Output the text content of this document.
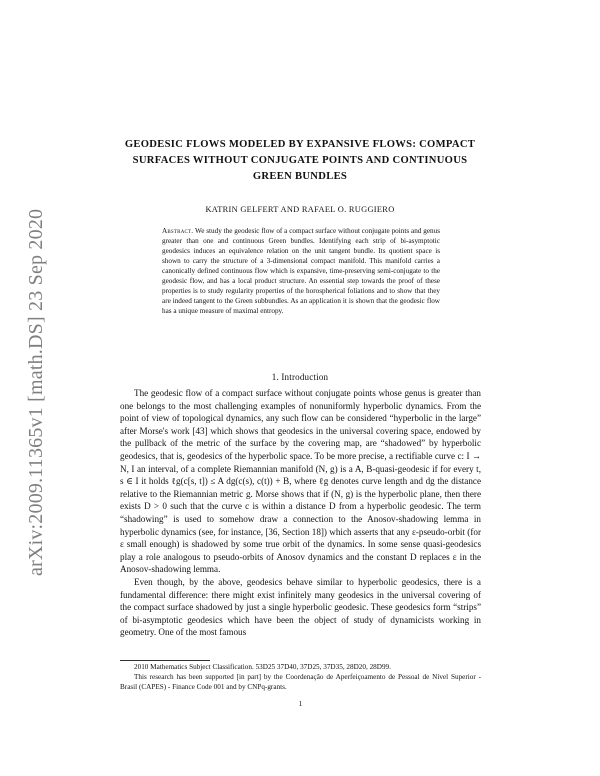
arXiv:2009.11365v1 [math.DS] 23 Sep 2020
GEODESIC FLOWS MODELED BY EXPANSIVE FLOWS: COMPACT SURFACES WITHOUT CONJUGATE POINTS AND CONTINUOUS GREEN BUNDLES
KATRIN GELFERT AND RAFAEL O. RUGGIERO
Abstract. We study the geodesic flow of a compact surface without conjugate points and genus greater than one and continuous Green bundles. Identifying each strip of bi-asymptotic geodesics induces an equivalence relation on the unit tangent bundle. Its quotient space is shown to carry the structure of a 3-dimensional compact manifold. This manifold carries a canonically defined continuous flow which is expansive, time-preserving semi-conjugate to the geodesic flow, and has a local product structure. An essential step towards the proof of these properties is to study regularity properties of the horospherical foliations and to show that they are indeed tangent to the Green subbundles. As an application it is shown that the geodesic flow has a unique measure of maximal entropy.
1. Introduction

The geodesic flow of a compact surface without conjugate points whose genus is greater than one belongs to the most challenging examples of nonuniformly hyperbolic dynamics. From the point of view of topological dynamics, any such flow can be considered “hyperbolic in the large” after Morse's work [43] which shows that geodesics in the universal covering space, endowed by the pullback of the metric of the surface by the covering map, are “shadowed” by hyperbolic geodesics, that is, geodesics of the hyperbolic space. To be more precise, a rectifiable curve c: I → N, I an interval, of a complete Riemannian manifold (N, g) is a A, B-quasi-geodesic if for every t, s ∈ I it holds ℓg(c[s, t]) ≤ A dg(c(s), c(t)) + B, where ℓg denotes curve length and dg the distance relative to the Riemannian metric g. Morse shows that if (N, g) is the hyperbolic plane, then there exists D > 0 such that the curve c is within a distance D from a hyperbolic geodesic. The term “shadowing” is used to somehow draw a connection to the Anosov-shadowing lemma in hyperbolic dynamics (see, for instance, [36, Section 18]) which asserts that any ε-pseudo-orbit (for ε small enough) is shadowed by some true orbit of the dynamics. In some sense quasi-geodesics play a role analogous to pseudo-orbits of Anosov dynamics and the constant D replaces ε in the Anosov-shadowing lemma.

Even though, by the above, geodesics behave similar to hyperbolic geodesics, there is a fundamental difference: there might exist infinitely many geodesics in the universal covering of the compact surface shadowed by just a single hyperbolic geodesic. These geodesics form “strips” of bi-asymptotic geodesics which have been the object of study of dynamicists working in geometry. One of the most famous

2010 Mathematics Subject Classification. 53D25 37D40, 37D25, 37D35, 28D20, 28D99.

This research has been supported [in part] by the Coordenação de Aperfeiçoamento de Pessoal de Nível Superior - Brasil (CAPES) - Finance Code 001 and by CNPq-grants.

1
